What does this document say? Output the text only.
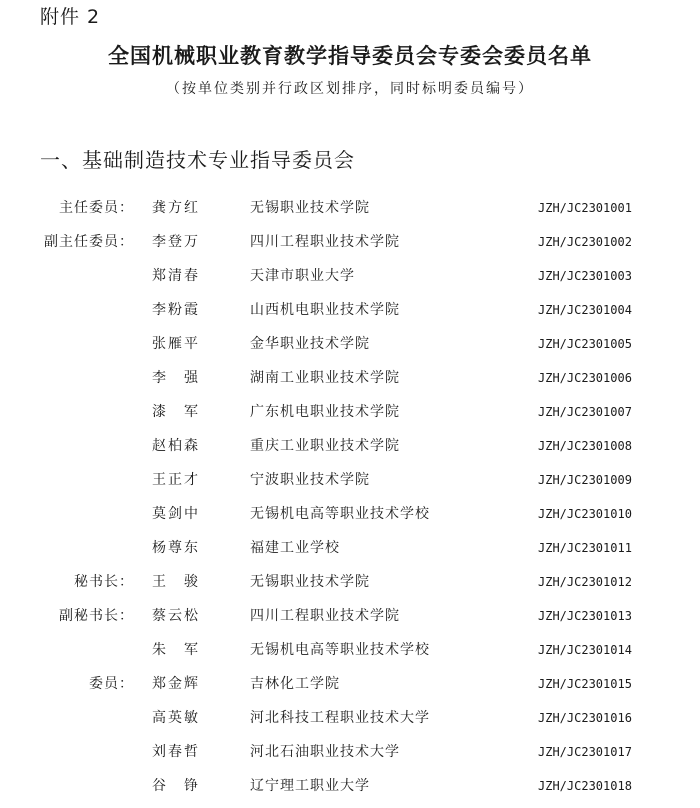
附件 2
全国机械职业教育教学指导委员会专委会委员名单
（按单位类别并行政区划排序，同时标明委员编号）
一、基础制造技术专业指导委员会
主任委员： 龚方红	无锡职业技术学院	JZH/JC2301001
副主任委员： 李登万	四川工程职业技术学院	JZH/JC2301002
郑清春	天津市职业大学	JZH/JC2301003
李粉霞	山西机电职业技术学院	JZH/JC2301004
张雁平	金华职业技术学院	JZH/JC2301005
李　强	湖南工业职业技术学院	JZH/JC2301006
漆　军	广东机电职业技术学院	JZH/JC2301007
赵柏森	重庆工业职业技术学院	JZH/JC2301008
王正才	宁波职业技术学院	JZH/JC2301009
莫剑中	无锡机电高等职业技术学校	JZH/JC2301010
杨尊东	福建工业学校	JZH/JC2301011
秘书长： 王　骏	无锡职业技术学院	JZH/JC2301012
副秘书长： 蔡云松	四川工程职业技术学院	JZH/JC2301013
朱　军	无锡机电高等职业技术学校	JZH/JC2301014
委员： 郑金辉	吉林化工学院	JZH/JC2301015
高英敏	河北科技工程职业技术大学	JZH/JC2301016
刘春哲	河北石油职业技术大学	JZH/JC2301017
谷　铮	辽宁理工职业大学	JZH/JC2301018
